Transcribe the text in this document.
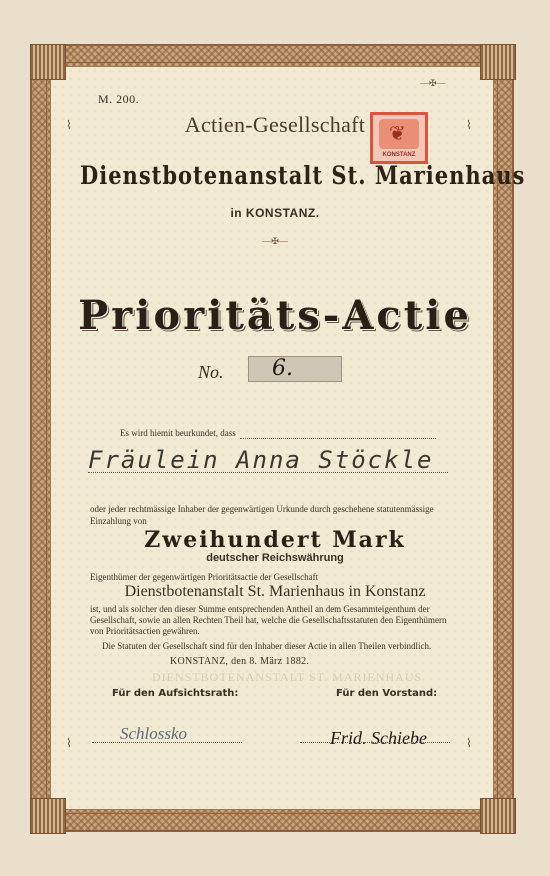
⌇	⌇
⌇	⌇
—✠—
M. 200.
❦
KONSTANZ
Actien-Gesellschaft
Dienstbotenanstalt St. Marienhaus
in KONSTANZ.
—✠—
Prioritäts-Actie
No. 6.
Es wird hiemit beurkundet, dass
Fräulein Anna Stöckle
oder jeder rechtmässige Inhaber der gegenwärtigen Urkunde durch geschehene statutenmässige
Einzahlung von
Zweihundert Mark
deutscher Reichswährung
Eigenthümer der gegenwärtigen Prioritätsactie der Gesellschaft
Dienstbotenanstalt St. Marienhaus in Konstanz
ist, und als solcher den dieser Summe entsprechenden Antheil an dem Gesammteigenthum der
Gesellschaft, sowie an allen Rechten Theil hat, welche die Gesellschaftsstatuten den Eigenthümern
von Prioritätsactien gewähren.
Die Statuten der Gesellschaft sind für den Inhaber dieser Actie in allen Theilen verbindlich.
KONSTANZ, den 8. März 1882.
DIENSTBOTENANSTALT ST. MARIENHAUS
Für den Aufsichtsrath:	Für den Vorstand:
Schlossko	Frid. Schiebe
